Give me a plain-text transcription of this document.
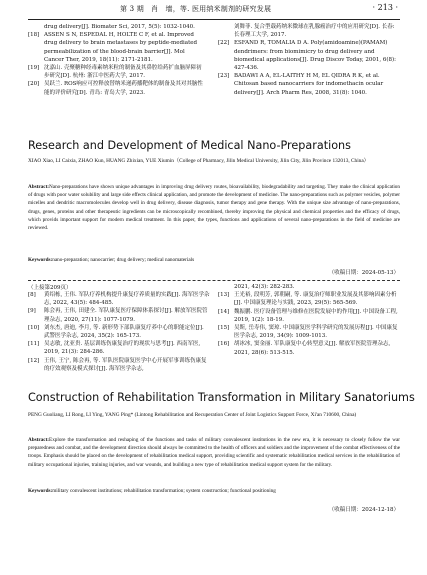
第 3 期　肖　墙，等. 医用纳米制剂的研究发展	· 213 ·
drug delivery[J]. Biomater Sci, 2017, 5(5): 1032-1040.
[18] ASSEN S N, ESPEDAL H, HOLTE C F, et al. Improved drug delivery to brain metastases by peptide-mediated permeabilization of the blood-brain barrier[J]. Mol Cancer Ther, 2019, 18(11): 2171-2181.
[19] 沈嘉山. 壳聚糖种经毒素纳米粒的制备及其鼻腔给药扩血脑屏障初步研究[D]. 杭州: 浙江中医药大学, 2017.
[20] 吴跃兰. ROS响应可控释放替纳米递药播靶体的制备及其对其脑性能的评价研究[D]. 青岛: 青岛大学, 2023.
刘舞菲. 复合型载药纳米微球在乳腺癌治疗中的应用研究[D]. 长春: 长春理工大学, 2017.
[22] ESFAND R, TOMALIA D A. Poly(amidoamine)(PAMAM) dendrimers: from biomimicry to drug delivery and biomedical applications[J]. Drug Discov Today, 2001, 6(8): 427-436.
[23] BADAWI A A, EL-LAITHY H M, EL QIDRA R K, et al. Chitosan based nanocarriers for indomethacin ocular delivery[J]. Arch Pharm Res, 2008, 31(8): 1040.
Research and Development of Medical Nano-Preparations
XIAO Xiao, LI Caixia, ZHAO Kun, HUANG Zhixian, YUE Xiumin（College of Pharmacy, Jilin Medical University, Jilin City, Jilin Province 132013, China）
Abstract:Nano-preparations have shown unique advantages in improving drug delivery routes, bioavailability, biodegradability and targeting. They make the clinical application of drugs with poor water solubility and large side effects clinical application, and promote the development of medicine. The nano-preparations such as polymer vesicles, polymer micelles and dendritic macromolecules develop well in drug delivery, disease diagnosis, tumor therapy and gene therapy. With the unique size advantage of nano-preparations, drugs, genes, proteins and other therapeutic ingredients can be microscopically recombined, thereby improving the physical and chemical properties and the efficacy of drugs, which provids important support for modern medical treatment. In this paper, the types, functions and applications of several nano-preparations in the field of medicine are reviewed.
Keywords:nano-preparation; nanocarrier; drug delivery; medical nanomaterials
（收稿日期：2024-05-13）
（上接第209页）
[8]	黄绍栋, 王伟. 军队疗养机构提升康复疗养质量的实践[J]. 海军医学杂志, 2022, 43(5): 484-485.
[9]	陈会再, 王伟, 田建全. 军队康复医疗保障体系探讨[J]. 解放军医院管理杂志, 2020, 27(11): 1077-1079.
[10] 刘东杰, 唐迪, 李月, 等. 新形势下部队康复疗养中心的职能定位[J]. 武警医学杂志, 2024, 35(2): 165-173.
[11] 吴志敏, 沈亚贵. 基层训练伤康复治疗的现状与思考[J]. 西南军医, 2019, 21(3): 284-286.
[12] 王伟, 王宁, 陈会再, 等. 军队医院康复医学中心开展军事训练伤康复的疗效观察及模式探讨[J]. 海军医学杂志,
2021, 42(3): 282-283.
[13] 王光裕, 段明芳, 郭朝嗣, 等. 康复治疗师职业发展及其影响因素分析[J]. 中国康复理论与实践, 2023, 29(5): 565-569.
[14] 魏振鹏. 医疗设备管理与维修在医院发展中的作用[J]. 中国设备工程, 2019, 1(2): 18-19.
[15] 吴斯, 岳寿伟, 窦琼. 中国康复医学科学研究的发展历程[J]. 中国康复医学杂志, 2019, 34(9): 1009-1013.
[16] 胡冰冰, 窦金丽. 军队康复中心转型意义[J]. 解放军医院管理杂志, 2021, 28(6): 513-515.
Construction of Rehabilitation Transformation in Military Sanatoriums
PENG Guoliang, LI Rong, LI Ying, YANG Ping* (Lintong Rehabilitation and Recuperation Center of Joint Logistics Support Force, Xi'an 710600, China)
Abstract:Explore the transformation and reshaping of the functions and tasks of military convalescent institutions in the new era, it is necessary to closely follow the war preparedness and combat, and the development direction should always be committed to the health of officers and soldiers and the improvement of the combat effectiveness of the troops. Emphasis should be placed on the development of rehabilitation medical support, providing scientific and systematic rehabilitation medical services in the rehabilitation of military occupational injuries, training injuries, and war wounds, and building a new type of rehabilitation medical support system for the military.
Keywords:military convalescent institutions; rehabilitation transformation; system construction; functional positioning
（收稿日期：2024-12-18）
